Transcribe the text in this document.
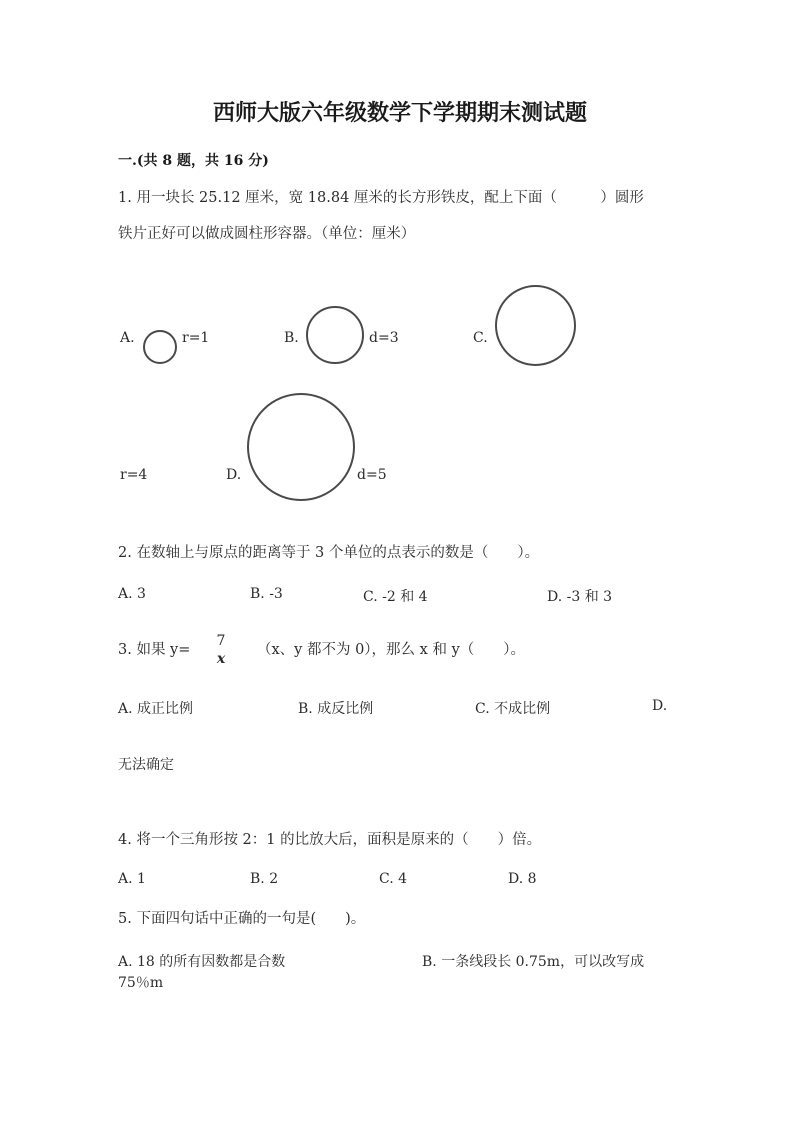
西师大版六年级数学下学期期末测试题
一.(共 8 题，共 16 分)
1. 用一块长 25.12 厘米，宽 18.84 厘米的长方形铁皮，配上下面（　　　）圆形
铁片正好可以做成圆柱形容器。（单位：厘米）
A.	r=1	B.	d=3	C.
r=4	D.	d=5
2. 在数轴上与原点的距离等于 3 个单位的点表示的数是（　　）。
A. 3	B. -3	C. -2 和 4	D. -3 和 3
3. 如果 y=
7
x
（x、y 都不为 0），那么 x 和 y（　　）。
A. 成正比例	B. 成反比例	C. 不成比例	D.
无法确定
4. 将一个三角形按 2：1 的比放大后，面积是原来的（　　）倍。
A. 1	B. 2	C. 4	D. 8
5. 下面四句话中正确的一句是(　　)。
A. 18 的所有因数都是合数	B. 一条线段长 0.75m，可以改写成
75％m
